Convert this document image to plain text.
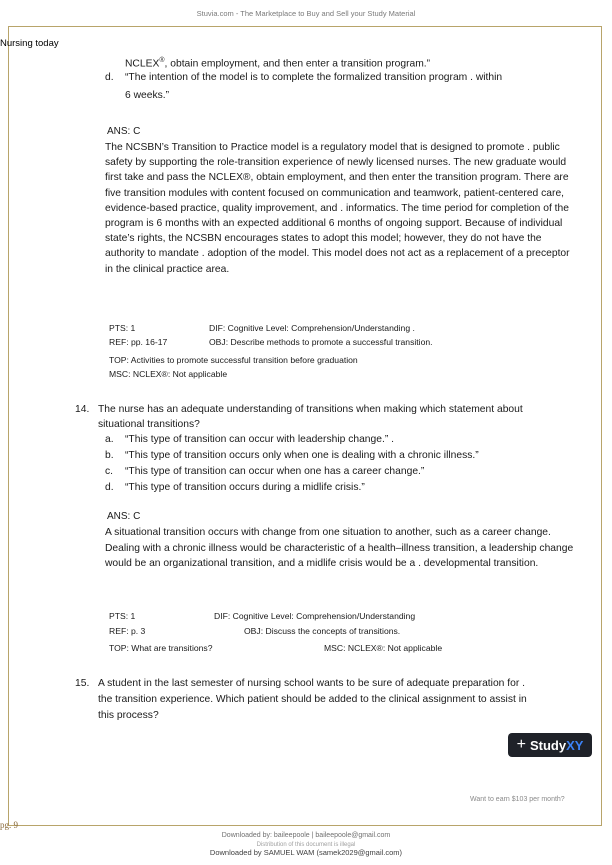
Stuvia.com - The Marketplace to Buy and Sell your Study Material
Nursing today
NCLEX®, obtain employment, and then enter a transition program.”
d. “The intention of the model is to complete the formalized transition program . within
6 weeks.”
ANS: C
The NCSBN’s Transition to Practice model is a regulatory model that is designed to promote . public safety by supporting the role-transition experience of newly licensed nurses. The new graduate would first take and pass the NCLEX®, obtain employment, and then enter the transition program. There are five transition modules with content focused on communication and teamwork, patient-centered care, evidence-based practice, quality improvement, and . informatics. The time period for completion of the program is 6 months with an expected additional 6 months of ongoing support. Because of individual state’s rights, the NCSBN encourages states to adopt this model; however, they do not have the authority to mandate . adoption of the model. This model does not act as a replacement of a preceptor in the clinical practice area.
PTS: 1	DIF: Cognitive Level: Comprehension/Understanding .
REF: pp. 16-17	OBJ: Describe methods to promote a successful transition.
TOP: Activities to promote successful transition before graduation
MSC: NCLEX®: Not applicable
14. The nurse has an adequate understanding of transitions when making which statement about
situational transitions?
a. “This type of transition can occur with leadership change.” .
b. “This type of transition occurs only when one is dealing with a chronic illness.”
c. “This type of transition can occur when one has a career change.”
d. “This type of transition occurs during a midlife crisis.”
ANS: C
A situational transition occurs with change from one situation to another, such as a career change. Dealing with a chronic illness would be characteristic of a health–illness transition, a leadership change would be an organizational transition, and a midlife crisis would be a . developmental transition.
PTS: 1	DIF: Cognitive Level: Comprehension/Understanding
REF: p. 3	OBJ: Discuss the concepts of transitions.
TOP: What are transitions?	MSC: NCLEX®: Not applicable
15. A student in the last semester of nursing school wants to be sure of adequate preparation for .
the transition experience. Which patient should be added to the clinical assignment to assist in
this process?
+ Study XY
Want to earn $103 per month?
pg. 9
Downloaded by: baileepoole | baileepoole@gmail.com
Distribution of this document is illegal
Downloaded by SAMUEL WAM (samek2029@gmail.com)
